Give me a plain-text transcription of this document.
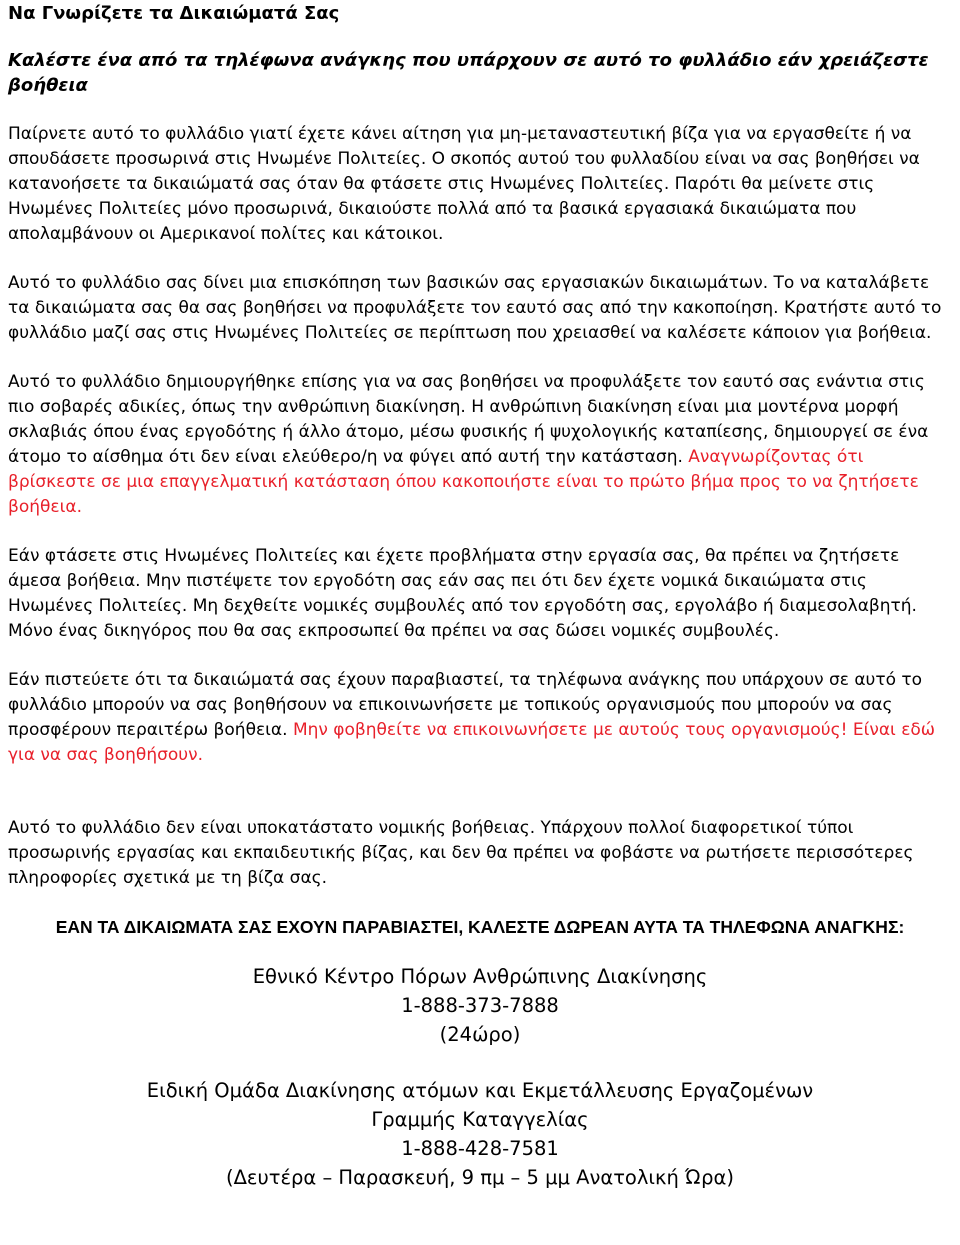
Να Γνωρίζετε τα Δικαιώματά Σας
Καλέστε ένα από τα τηλέφωνα ανάγκης που υπάρχουν σε αυτό το φυλλάδιο εάν χρειάζεστε βοήθεια

Παίρνετε αυτό το φυλλάδιο γιατί έχετε κάνει αίτηση για μη-μεταναστευτική βίζα για να εργασθείτε ή να σπουδάσετε προσωρινά στις Ηνωμένε Πολιτείες. Ο σκοπός αυτού του φυλλαδίου είναι να σας βοηθήσει να κατανοήσετε τα δικαιώματά σας όταν θα φτάσετε στις Ηνωμένες Πολιτείες. Παρότι θα μείνετε στις Ηνωμένες Πολιτείες μόνο προσωρινά, δικαιούστε πολλά από τα βασικά εργασιακά δικαιώματα που απολαμβάνουν οι Αμερικανοί πολίτες και κάτοικοι.

Αυτό το φυλλάδιο σας δίνει μια επισκόπηση των βασικών σας εργασιακών δικαιωμάτων. Το να καταλάβετε τα δικαιώματα σας θα σας βοηθήσει να προφυλάξετε τον εαυτό σας από την κακοποίηση. Κρατήστε αυτό το φυλλάδιο μαζί σας στις Ηνωμένες Πολιτείες σε περίπτωση που χρειασθεί να καλέσετε κάποιον για βοήθεια.

Αυτό το φυλλάδιο δημιουργήθηκε επίσης για να σας βοηθήσει να προφυλάξετε τον εαυτό σας ενάντια στις πιο σοβαρές αδικίες, όπως την ανθρώπινη διακίνηση. Η ανθρώπινη διακίνηση είναι μια μοντέρνα μορφή σκλαβιάς όπου ένας εργοδότης ή άλλο άτομο, μέσω φυσικής ή ψυχολογικής καταπίεσης, δημιουργεί σε ένα άτομο το αίσθημα ότι δεν είναι ελεύθερο/η να φύγει από αυτή την κατάσταση. Αναγνωρίζοντας ότι βρίσκεστε σε μια επαγγελματική κατάσταση όπου κακοποιήστε είναι το πρώτο βήμα προς το να ζητήσετε βοήθεια.

Εάν φτάσετε στις Ηνωμένες Πολιτείες και έχετε προβλήματα στην εργασία σας, θα πρέπει να ζητήσετε άμεσα βοήθεια. Μην πιστέψετε τον εργοδότη σας εάν σας πει ότι δεν έχετε νομικά δικαιώματα στις Ηνωμένες Πολιτείες. Μη δεχθείτε νομικές συμβουλές από τον εργοδότη σας, εργολάβο ή διαμεσολαβητή. Μόνο ένας δικηγόρος που θα σας εκπροσωπεί θα πρέπει να σας δώσει νομικές συμβουλές.

Εάν πιστεύετε ότι τα δικαιώματά σας έχουν παραβιαστεί, τα τηλέφωνα ανάγκης που υπάρχουν σε αυτό το φυλλάδιο μπορούν να σας βοηθήσουν να επικοινωνήσετε με τοπικούς οργανισμούς που μπορούν να σας προσφέρουν περαιτέρω βοήθεια. Μην φοβηθείτε να επικοινωνήσετε με αυτούς τους οργανισμούς! Είναι εδώ για να σας βοηθήσουν.

Αυτό το φυλλάδιο δεν είναι υποκατάστατο νομικής βοήθειας. Υπάρχουν πολλοί διαφορετικοί τύποι προσωρινής εργασίας και εκπαιδευτικής βίζας, και δεν θα πρέπει να φοβάστε να ρωτήσετε περισσότερες πληροφορίες σχετικά με τη βίζα σας.

ΕΑΝ ΤΑ ΔΙΚΑΙΩΜΑΤΑ ΣΑΣ ΕΧΟΥΝ ΠΑΡΑΒΙΑΣΤΕΙ, ΚΑΛΕΣΤΕ ΔΩΡΕΑΝ ΑΥΤΑ ΤΑ ΤΗΛΕΦΩΝΑ ΑΝΑΓΚΗΣ:
Εθνικό Κέντρο Πόρων Ανθρώπινης Διακίνησης
1-888-373-7888
(24ώρο)
Ειδική Ομάδα Διακίνησης ατόμων και Εκμετάλλευσης Εργαζομένων
Γραμμής Καταγγελίας
1-888-428-7581
(Δευτέρα – Παρασκευή, 9 πμ – 5 μμ Ανατολική Ώρα)
